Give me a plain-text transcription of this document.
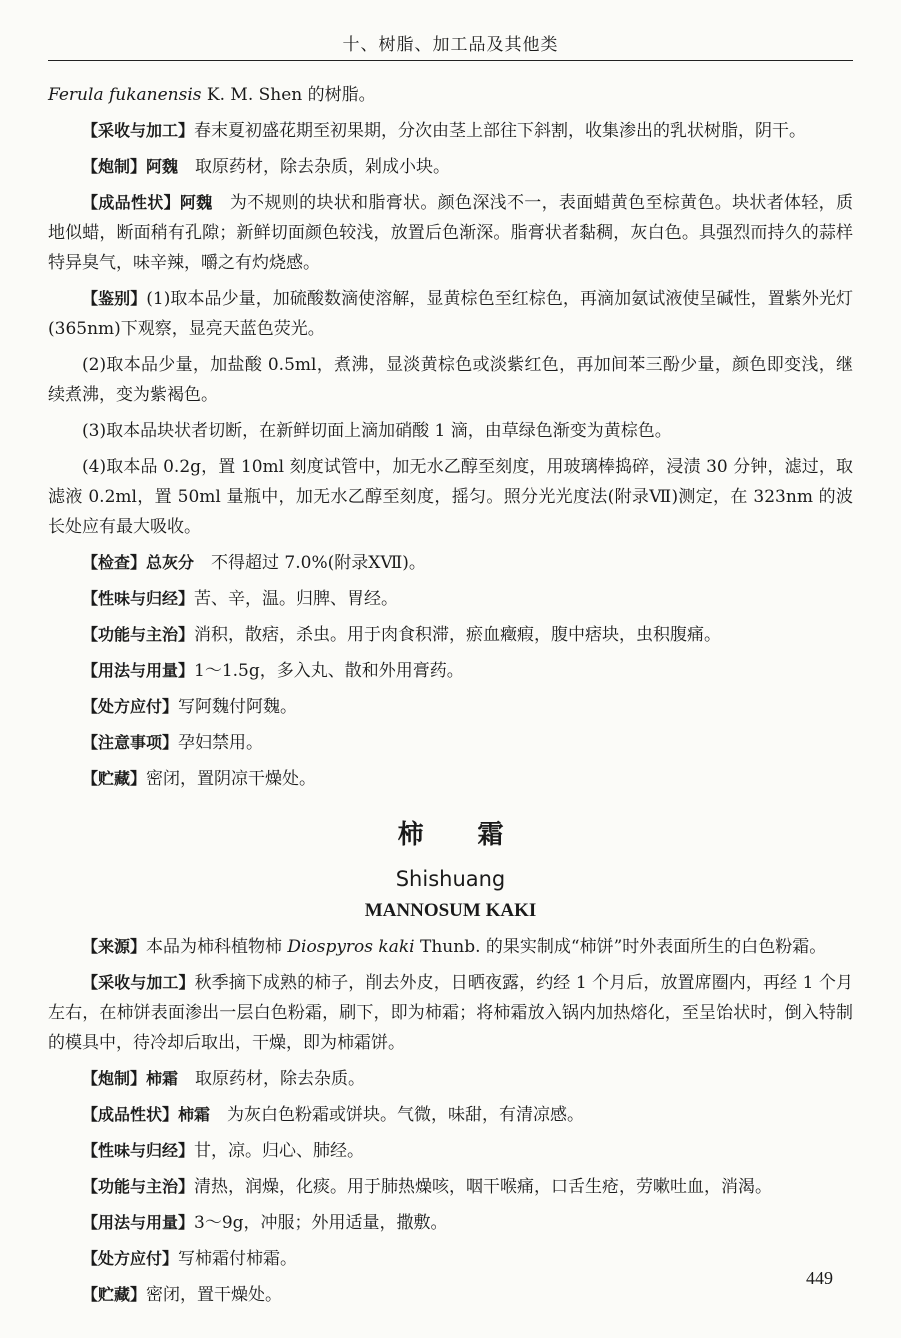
十、树脂、加工品及其他类

Ferula fukanensis K. M. Shen 的树脂。

【采收与加工】春末夏初盛花期至初果期，分次由茎上部往下斜割，收集渗出的乳状树脂，阴干。

【炮制】阿魏　取原药材，除去杂质，剁成小块。

【成品性状】阿魏　为不规则的块状和脂膏状。颜色深浅不一，表面蜡黄色至棕黄色。块状者体轻，质地似蜡，断面稍有孔隙；新鲜切面颜色较浅，放置后色渐深。脂膏状者黏稠，灰白色。具强烈而持久的蒜样特异臭气，味辛辣，嚼之有灼烧感。

【鉴别】(1)取本品少量，加硫酸数滴使溶解，显黄棕色至红棕色，再滴加氨试液使呈碱性，置紫外光灯(365nm)下观察，显亮天蓝色荧光。

(2)取本品少量，加盐酸 0.5ml，煮沸，显淡黄棕色或淡紫红色，再加间苯三酚少量，颜色即变浅，继续煮沸，变为紫褐色。

(3)取本品块状者切断，在新鲜切面上滴加硝酸 1 滴，由草绿色渐变为黄棕色。

(4)取本品 0.2g，置 10ml 刻度试管中，加无水乙醇至刻度，用玻璃棒捣碎，浸渍 30 分钟，滤过，取滤液 0.2ml，置 50ml 量瓶中，加无水乙醇至刻度，摇匀。照分光光度法(附录Ⅶ)测定，在 323nm 的波长处应有最大吸收。

【检查】总灰分　不得超过 7.0%(附录ⅩⅦ)。

【性味与归经】苦、辛，温。归脾、胃经。

【功能与主治】消积，散痞，杀虫。用于肉食积滞，瘀血癥瘕，腹中痞块，虫积腹痛。

【用法与用量】1～1.5g，多入丸、散和外用膏药。

【处方应付】写阿魏付阿魏。

【注意事项】孕妇禁用。

【贮藏】密闭，置阴凉干燥处。

柿霜
Shishuang
MANNOSUM KAKI

【来源】本品为柿科植物柿 Diospyros kaki Thunb. 的果实制成“柿饼”时外表面所生的白色粉霜。

【采收与加工】秋季摘下成熟的柿子，削去外皮，日晒夜露，约经 1 个月后，放置席圈内，再经 1 个月左右，在柿饼表面渗出一层白色粉霜，刷下，即为柿霜；将柿霜放入锅内加热熔化，至呈饴状时，倒入特制的模具中，待冷却后取出，干燥，即为柿霜饼。

【炮制】柿霜　取原药材，除去杂质。

【成品性状】柿霜　为灰白色粉霜或饼块。气微，味甜，有清凉感。

【性味与归经】甘，凉。归心、肺经。

【功能与主治】清热，润燥，化痰。用于肺热燥咳，咽干喉痛，口舌生疮，劳嗽吐血，消渴。

【用法与用量】3～9g，冲服；外用适量，撒敷。

【处方应付】写柿霜付柿霜。

【贮藏】密闭，置干燥处。

449
